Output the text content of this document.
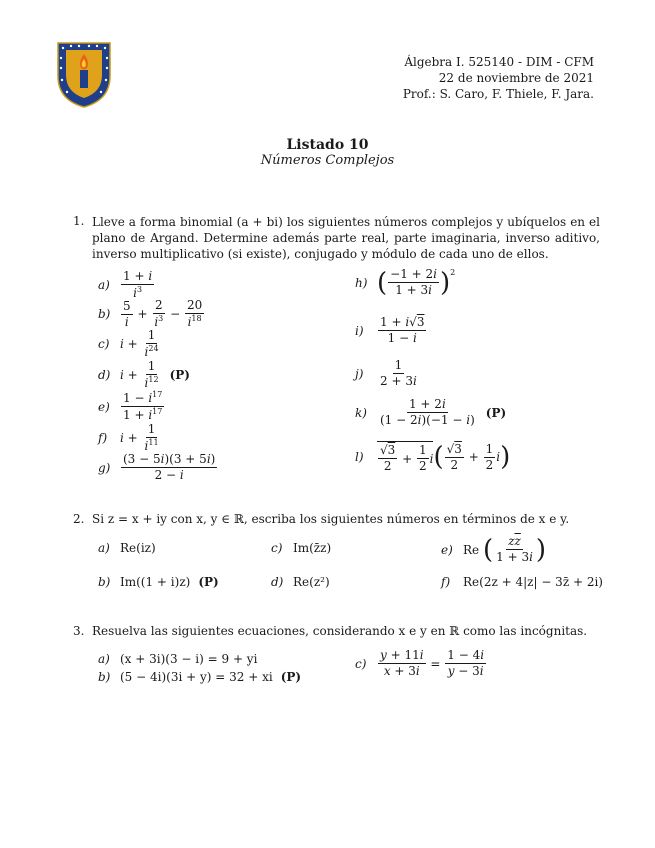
Álgebra I. 525140 - DIM - CFM
22 de noviembre de 2021
Prof.: S. Caro, F. Thiele, F. Jara.
Listado 10
Números Complejos
1. Lleve a forma binomial (a + bi) los siguientes números complejos y ubíquelos en el plano de Argand. Determine además parte real, parte imaginaria, inverso aditivo, inverso multiplicativo (si existe), conjugado y módulo de cada uno de ellos.
$a) \frac{1 + i}{i^3}$
$b) \frac{5}{i} + \frac{2}{i^3} - \frac{20}{i^{18}}$
c) $i + \frac{1}{i^{24}}$
d) $i + \frac{1}{i^{12}} (P)$
$e) \frac{1 - i^{17}}{1 + i^{17}}$
f)	$i + \frac{1}{i^{11}}$
$g) \frac{(3 - 5i)(3 + 5i)}{2 - i}$
h) ( $\frac{-1 + 2i}{1 + 3i} )^2$
i)	$\frac{1 + i√3}{1 - i}$
j)	$\frac{1}{2 + 3i}$
$k) \frac{1 + 2i}{(1 - 2i)(-1 - i)} (P)$
l)	$\frac{√3}{2} + \frac{1}{2}$ i ( $\frac{√3}{2} + \frac{1}{2}$ i )
2. Si z = x + iy con x, y ∈ ℝ, escriba los siguientes números en términos de x e y.
a) Re(iz)
b) Im((1 + i)z) (P)
c) Im(z̄z)
d) Re(z²)
e) Re
( $\frac{z\overline{z}}{1 + 3i}$ )
f)	Re(2z + 4|z| − 3z̄ + 2i)
3. Resuelva las siguientes ecuaciones, considerando x e y en ℝ como las incógnitas.
a) (x + 3i)(3 − i) = 9 + yi
b) (5 − 4i)(3i + y) = 32 + xi (P)
$c) \frac{y + 11i}{x + 3i} = \frac{1 - 4i}{y - 3i}$
